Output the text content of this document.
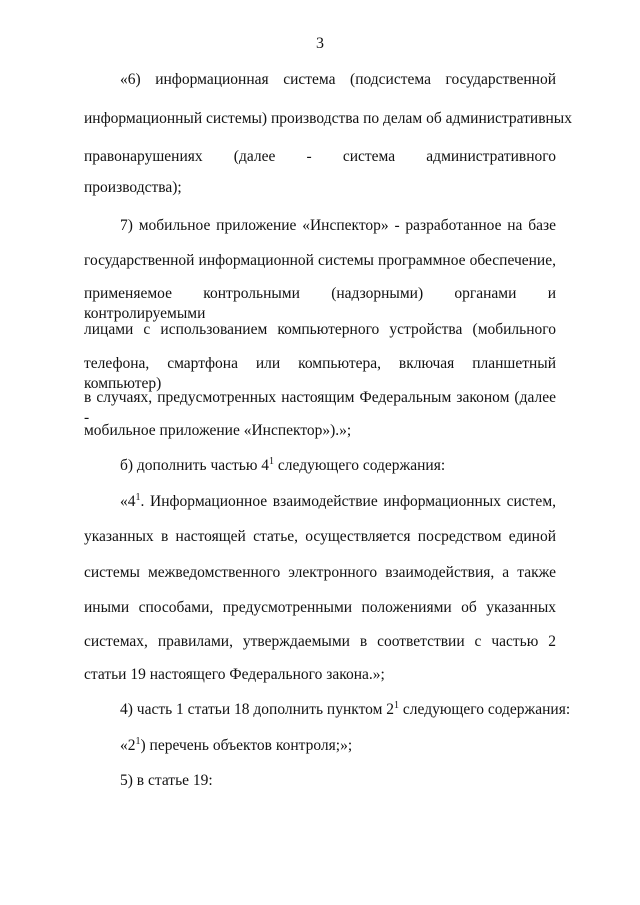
3
«6) информационная система (подсистема государственной
информационный системы) производства по делам об административных
правонарушениях (далее - система административного
производства);
7) мобильное приложение «Инспектор» - разработанное на базе
государственной информационной системы программное обеспечение,
применяемое контрольными (надзорными) органами и контролируемыми
лицами с использованием компьютерного устройства (мобильного
телефона, смартфона или компьютера, включая планшетный компьютер)
в случаях, предусмотренных настоящим Федеральным законом (далее -
мобильное приложение «Инспектор»).»;
б) дополнить частью $4^1$ следующего содержания:
«$4^1$. Информационное взаимодействие информационных систем,
указанных в настоящей статье, осуществляется посредством единой
системы межведомственного электронного взаимодействия, а также
иными способами, предусмотренными положениями об указанных
системах, правилами, утверждаемыми в соответствии с частью 2
статьи 19 настоящего Федерального закона.»;
4) часть 1 статьи 18 дополнить пунктом $2^1$ следующего содержания:
«$2^1$) перечень объектов контроля;»;
5) в статье 19:
